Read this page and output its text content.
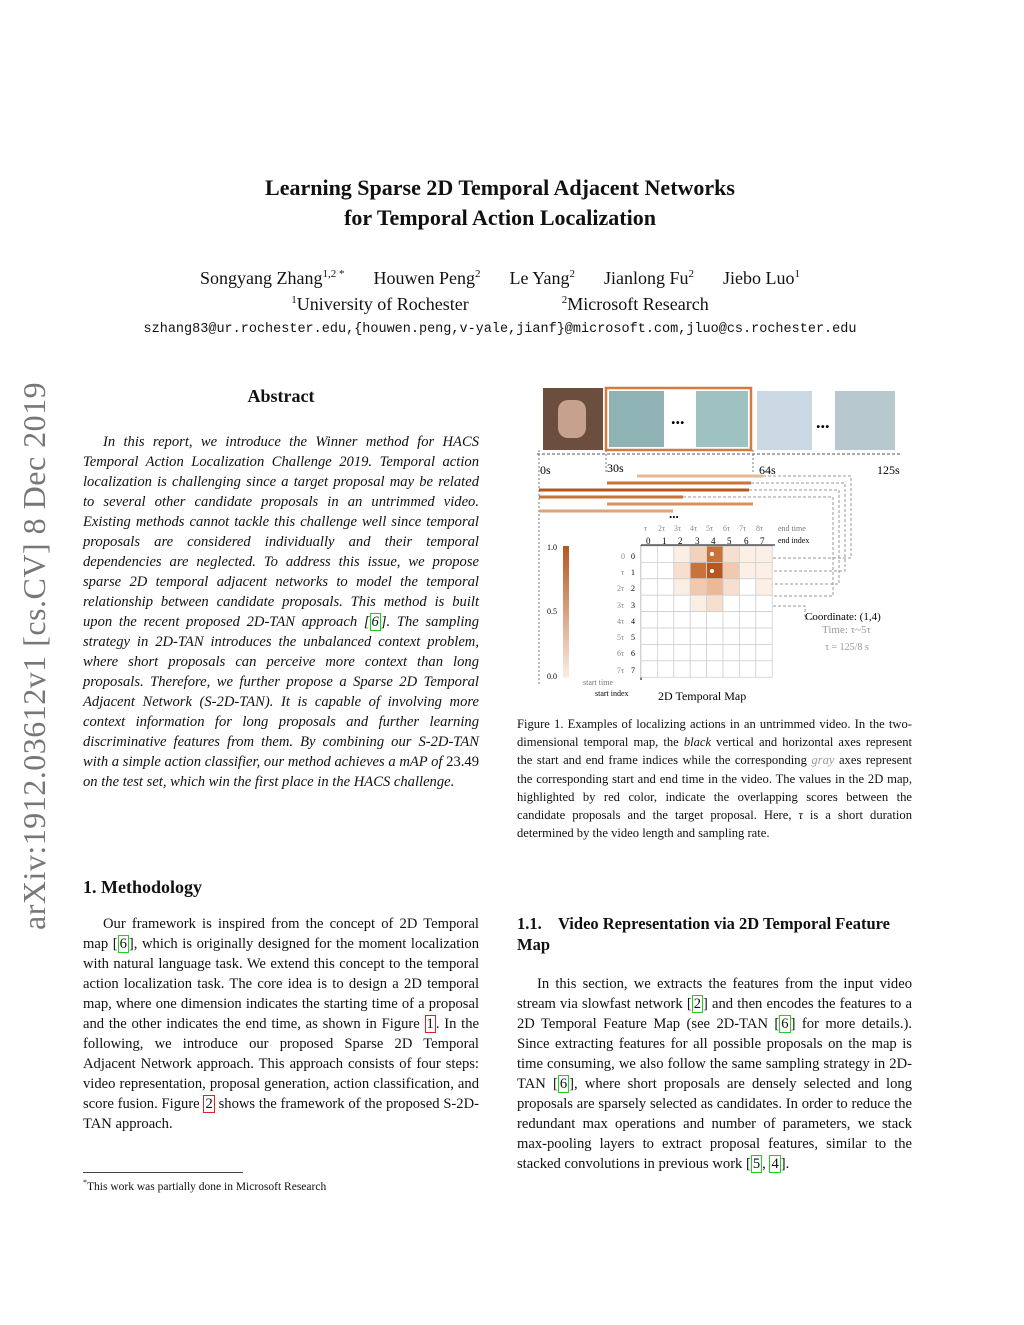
arXiv:1912.03612v1 [cs.CV] 8 Dec 2019
Learning Sparse 2D Temporal Adjacent Networks
for Temporal Action Localization
Songyang Zhang$^{1,2 *}$ Houwen Peng$^2$ Le Yang$^2$ Jianlong Fu$^2$ Jiebo Luo$^1$
$^1$University of Rochester	$^2$Microsoft Research
szhang83@ur.rochester.edu,{houwen.peng,v-yale,jianf}@microsoft.com,jluo@cs.rochester.edu
Abstract
In this report, we introduce the Winner method for HACS Temporal Action Localization Challenge 2019. Temporal action localization is challenging since a target proposal may be related to several other candidate proposals in an untrimmed video. Existing methods cannot tackle this challenge well since temporal proposals are considered individually and their temporal dependencies are neglected. To address this issue, we propose sparse 2D temporal adjacent networks to model the temporal relationship between candidate proposals. This method is built upon the recent proposed 2D-TAN approach [ 6 ]. The sampling strategy in 2D-TAN introduces the unbalanced context problem, where short proposals can perceive more context than long proposals. Therefore, we further propose a Sparse 2D Temporal Adjacent Network (S-2D-TAN). It is capable of involving more context information for long proposals and further learning discriminative features from them. By combining our S-2D-TAN with a simple action classifier, our method achieves a mAP of 23.49 on the test set, which win the first place in the HACS challenge.
1. Methodology
Our framework is inspired from the concept of 2D Temporal map [ 6 ], which is originally designed for the moment localization with natural language task. We extend this concept to the temporal action localization task. The core idea is to design a 2D temporal map, where one dimension indicates the starting time of a proposal and the other indicates the end time, as shown in Figure 1 . In the following, we introduce our proposed Sparse 2D Temporal Adjacent Network approach. This approach consists of four steps: video representation, proposal generation, action classification, and score fusion. Figure 2 shows the framework of the proposed S-2D-TAN approach.
*This work was partially done in Microsoft Research
...	...
0s	30s	64s	125s
...
1.0
0.5
0.0
τ 2τ 3τ 4τ 5τ 6τ 7τ 8τ end time
0 1 2 3 4 5 6 7 end index
0
τ
2τ
3τ
4τ
5τ
6τ
7τ
0
1
2
3
4
5
6
7
start time
start index 2D Temporal Map
Coordinate: (1,4)
Time: τ~5τ
τ = 125/8 s
Figure 1. Examples of localizing actions in an untrimmed video. In the two-dimensional temporal map, the black vertical and horizontal axes represent the start and end frame indices while the corresponding gray axes represent the corresponding start and end time in the video. The values in the 2D map, highlighted by red color, indicate the overlapping scores between the candidate proposals and the target proposal. Here, τ is a short duration determined by the video length and sampling rate.
1.1. Video Representation via 2D Temporal Feature Map
In this section, we extracts the features from the input video stream via slowfast network [ 2 ] and then encodes the features to a 2D Temporal Feature Map (see 2D-TAN [ 6 ] for more details.). Since extracting features for all possible proposals on the map is time consuming, we also follow the same sampling strategy in 2D-TAN [ 6 ], where short proposals are densely selected and long proposals are sparsely selected as candidates. In order to reduce the redundant max operations and number of parameters, we stack max-pooling layers to extract proposal features, similar to the stacked convolutions in previous work [ 5 , 4 ].
